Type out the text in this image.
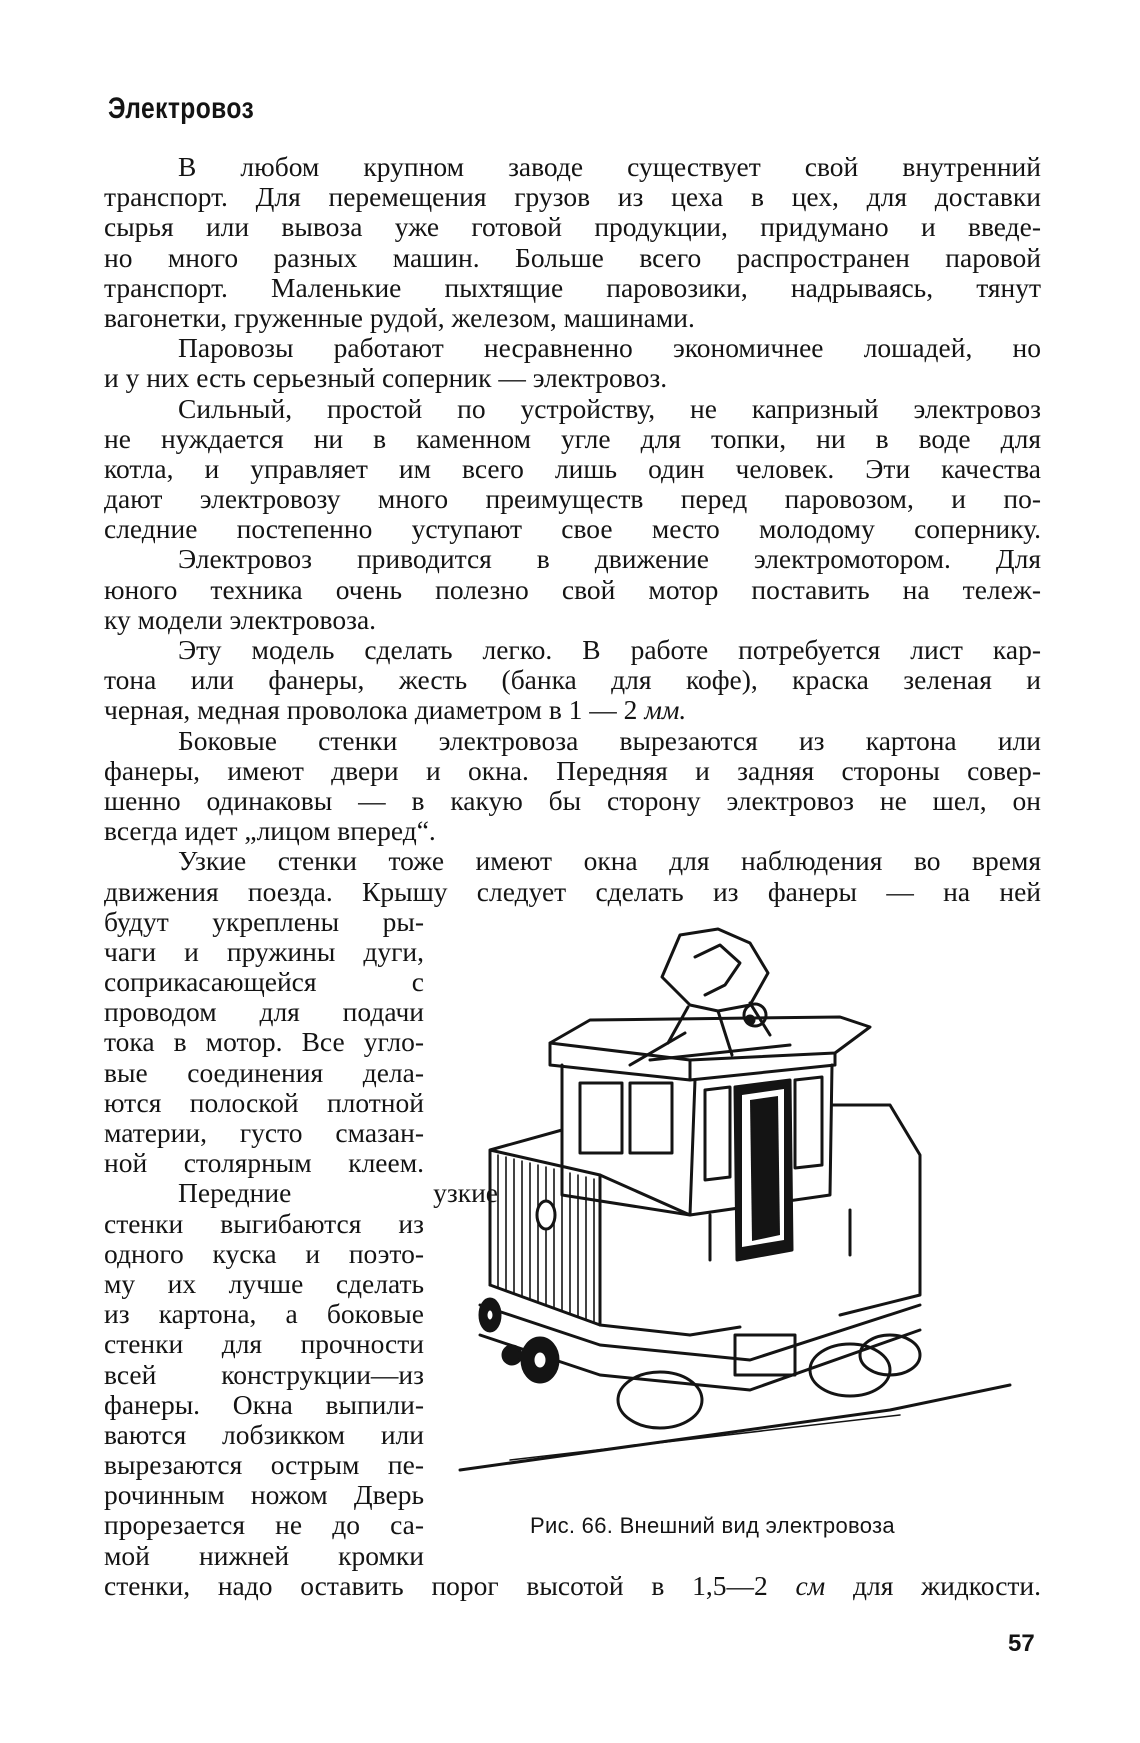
Электровоз
В любом крупном заводе существует свой внутренний
транспорт. Для перемещения грузов из цеха в цех, для доставки
сырья или вывоза уже готовой продукции, придумано и введе-
но много разных машин. Больше всего распространен паровой
транспорт. Маленькие пыхтящие паровозики, надрываясь, тянут
вагонетки, груженные рудой, железом, машинами.
Паровозы работают несравненно экономичнее лошадей, но
и у них есть серьезный соперник — электровоз.
Сильный, простой по устройству, не капризный электровоз
не нуждается ни в каменном угле для топки, ни в воде для
котла, и управляет им всего лишь один человек. Эти качества
дают электровозу много преимуществ перед паровозом, и по-
следние постепенно уступают свое место молодому сопернику.
Электровоз приводится в движение электромотором. Для
юного техника очень полезно свой мотор поставить на тележ-
ку модели электровоза.
Эту модель сделать легко. В работе потребуется лист кар-
тона или фанеры, жесть (банка для кофе), краска зеленая и
черная, медная проволока диаметром в 1 — 2 мм.
Боковые стенки электровоза вырезаются из картона или
фанеры, имеют двери и окна. Передняя и задняя стороны совер-
шенно одинаковы — в какую бы сторону электровоз не шел, он
всегда идет „лицом вперед“.
Узкие стенки тоже имеют окна для наблюдения во время
движения поезда. Крышу следует сделать из фанеры — на ней
будут укреплены ры-
чаги и пружины дуги,
соприкасающейся с
проводом для подачи
тока в мотор. Все угло-
вые соединения дела-
ются полоской плотной
материи, густо смазан-
ной столярным клеем.
Передние узкие
стенки выгибаются из
одного куска и поэто-
му их лучше сделать
из картона, а боковые
стенки для прочности
всей конструкции—из
фанеры. Окна выпили-
ваются лобзикком или
вырезаются острым пе-
рочинным ножом Дверь
прорезается не до са-
мой нижней кромки
стенки, надо оставить порог высотой в 1,5—2 см для жидкости.
Рис. 66. Внешний вид электровоза
57
